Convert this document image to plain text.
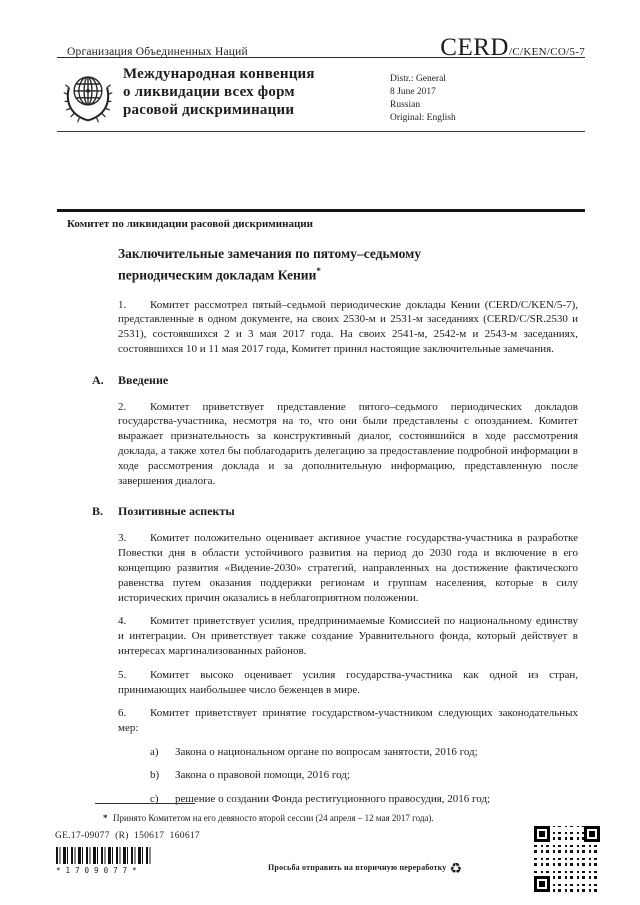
Организация Объединенных Наций	CERD/C/KEN/CO/5-7
Международная конвенция
о ликвидации всех форм
расовой дискриминации
Distr.: General
8 June 2017
Russian
Original: English
Комитет по ликвидации расовой дискриминации
Заключительные замечания по пятому–седьмому
периодическим докладам Кении*
1. Комитет рассмотрел пятый–седьмой периодические доклады Кении (CERD/C/KEN/5-7), представленные в одном документе, на своих 2530-м и 2531-м заседаниях (CERD/C/SR.2530 и 2531), состоявшихся 2 и 3 мая 2017 года. На своих 2541-м, 2542-м и 2543-м заседаниях, состоявшихся 10 и 11 мая 2017 года, Комитет принял настоящие заключительные замечания.
A.	Введение
2. Комитет приветствует представление пятого–седьмого периодических докладов государства-участника, несмотря на то, что они были представлены с опозданием. Комитет выражает признательность за конструктивный диалог, состоявшийся в ходе рассмотрения доклада, а также хотел бы поблагодарить делегацию за предоставление подробной информации в ходе рассмотрения доклада и за дополнительную информацию, представленную после завершения диалога.
B.	Позитивные аспекты
3. Комитет положительно оценивает активное участие государства-участника в разработке Повестки дня в области устойчивого развития на период до 2030 года и включение в его концепцию развития «Видение-2030» стратегий, направленных на достижение фактического равенства путем оказания поддержки регионам и группам населения, которые в силу исторических причин оказались в неблагоприятном положении.
4. Комитет приветствует усилия, предпринимаемые Комиссией по национальному единству и интеграции. Он приветствует также создание Уравнительного фонда, который действует в интересах маргинализованных районов.
5. Комитет высоко оценивает усилия государства-участника как одной из стран, принимающих наибольшее число беженцев в мире.
6. Комитет приветствует принятие государством-участником следующих законодательных мер:
a) Закона о национальном органе по вопросам занятости, 2016 год;
b) Закона о правовой помощи, 2016 год;
c) решение о создании Фонда реституционного правосудия, 2016 год;
* Принято Комитетом на его девяносто второй сессии (24 апреля – 12 мая 2017 года).
GE.17-09077  (R)  150617  160617
*1709077*	Просьба отправить на вторичную переработку ♻
